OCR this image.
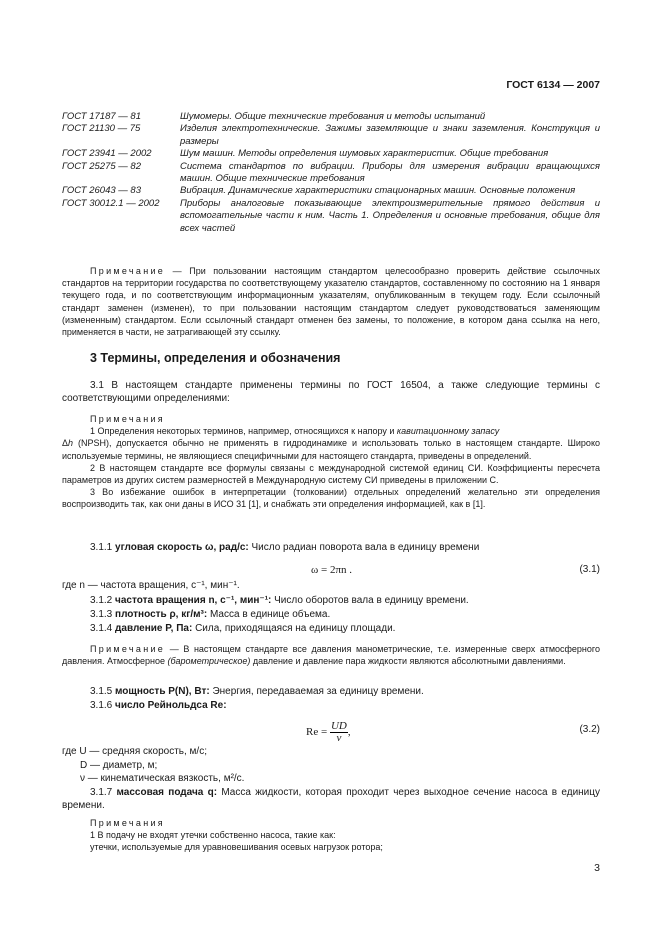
ГОСТ 6134 — 2007
ГОСТ 17187 — 81	Шумомеры. Общие технические требования и методы испытаний
ГОСТ 21130 — 75	Изделия электротехнические. Зажимы заземляющие и знаки заземления. Конструкция и размеры
ГОСТ 23941 — 2002	Шум машин. Методы определения шумовых характеристик. Общие требования
ГОСТ 25275 — 82	Система стандартов по вибрации. Приборы для измерения вибрации вращающихся машин. Общие технические требования
ГОСТ 26043 — 83	Вибрация. Динамические характеристики стационарных машин. Основные положения
ГОСТ 30012.1 — 2002	Приборы аналоговые показывающие электроизмерительные прямого действия и вспомогательные части к ним. Часть 1. Определения и основные требования, общие для всех частей
Примечание — При пользовании настоящим стандартом целесообразно проверить действие ссылочных стандартов на территории государства по соответствующему указателю стандартов, составленному по состоянию на 1 января текущего года, и по соответствующим информационным указателям, опубликованным в текущем году. Если ссылочный стандарт заменен (изменен), то при пользовании настоящим стандартом следует руководствоваться заменяющим (измененным) стандартом. Если ссылочный стандарт отменен без замены, то положение, в котором дана ссылка на него, применяется в части, не затрагивающей эту ссылку.
3 Термины, определения и обозначения
3.1 В настоящем стандарте применены термины по ГОСТ 16504, а также следующие термины с соответствующими определениями:
Примечания
1 Определения некоторых терминов, например, относящихся к напору и кавитационному запасу
Δh (NPSH), допускается обычно не применять в гидродинамике и использовать только в настоящем стандарте. Широко используемые термины, не являющиеся специфичными для настоящего стандарта, приведены в определений.
2 В настоящем стандарте все формулы связаны с международной системой единиц СИ. Коэффициенты пересчета параметров из других систем размерностей в Международную систему СИ приведены в приложении С.
3 Во избежание ошибок в интерпретации (толковании) отдельных определений желательно эти определения воспроизводить так, как они даны в ИСО 31 [1], и снабжать эти определения информацией, как в [1].
3.1.1 угловая скорость ω, рад/с: Число радиан поворота вала в единицу времени
ω = 2πn .	(3.1)
где n — частота вращения, с⁻¹, мин⁻¹.
3.1.2 частота вращения n, с⁻¹, мин⁻¹: Число оборотов вала в единицу времени.
3.1.3 плотность ρ, кг/м³: Масса в единице объема.
3.1.4 давление P, Па: Сила, приходящаяся на единицу площади.
Примечание — В настоящем стандарте все давления манометрические, т.е. измеренные сверх атмосферного давления. Атмосферное (барометрическое) давление и давление пара жидкости являются абсолютными давлениями.
3.1.5 мощность P(N), Вт: Энергия, передаваемая за единицу времени.
3.1.6 число Рейнольдса Re:
$Re = \frac{UD}{\nu}$ ,	(3.2)
где U — средняя скорость, м/с;
D — диаметр, м;
ν — кинематическая вязкость, м²/с.
3.1.7 массовая подача q: Масса жидкости, которая проходит через выходное сечение насоса в единицу времени.
Примечания
1 В подачу не входят утечки собственно насоса, такие как:
утечки, используемые для уравновешивания осевых нагрузок ротора;
3
